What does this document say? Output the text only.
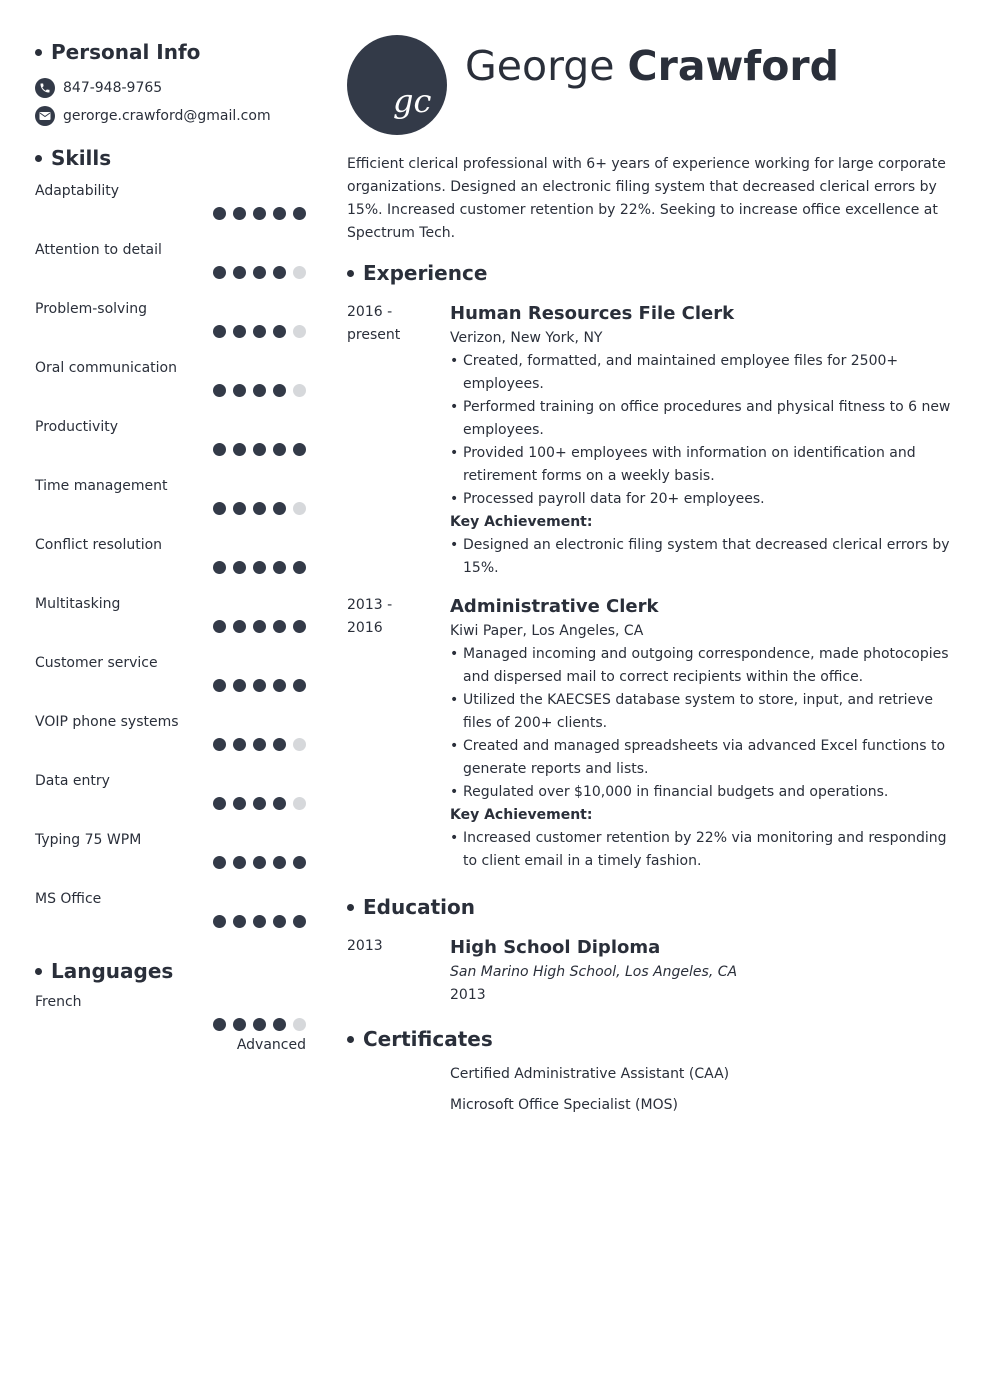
Personal Info
847-948-9765
gerorge.crawford@gmail.com
Skills
Adaptability
Attention to detail
Problem-solving
Oral communication
Productivity
Time management
Conflict resolution
Multitasking
Customer service
VOIP phone systems
Data entry
Typing 75 WPM
MS Office
Languages
French
Advanced
gc
George Crawford

Efficient clerical professional with 6+ years of experience working for large corporate organizations. Designed an electronic filing system that decreased clerical errors by 15%. Increased customer retention by 22%. Seeking to increase office excellence at Spectrum Tech.

Experience
2016 -
present
Human Resources File Clerk
Verizon, New York, NY
• Created, formatted, and maintained employee files for 2500+ employees.
• Performed training on office procedures and physical fitness to 6 new employees.
• Provided 100+ employees with information on identification and retirement forms on a weekly basis.
• Processed payroll data for 20+ employees.
Key Achievement:
• Designed an electronic filing system that decreased clerical errors by 15%.
2013 -
2016
Administrative Clerk
Kiwi Paper, Los Angeles, CA
• Managed incoming and outgoing correspondence, made photocopies and dispersed mail to correct recipients within the office.
• Utilized the KAECSES database system to store, input, and retrieve files of 200+ clients.
• Created and managed spreadsheets via advanced Excel functions to generate reports and lists.
• Regulated over $10,000 in financial budgets and operations.
Key Achievement:
• Increased customer retention by 22% via monitoring and responding to client email in a timely fashion.
Education
2013	High School Diploma
San Marino High School, Los Angeles, CA
2013
Certificates
Certified Administrative Assistant (CAA)
Microsoft Office Specialist (MOS)
